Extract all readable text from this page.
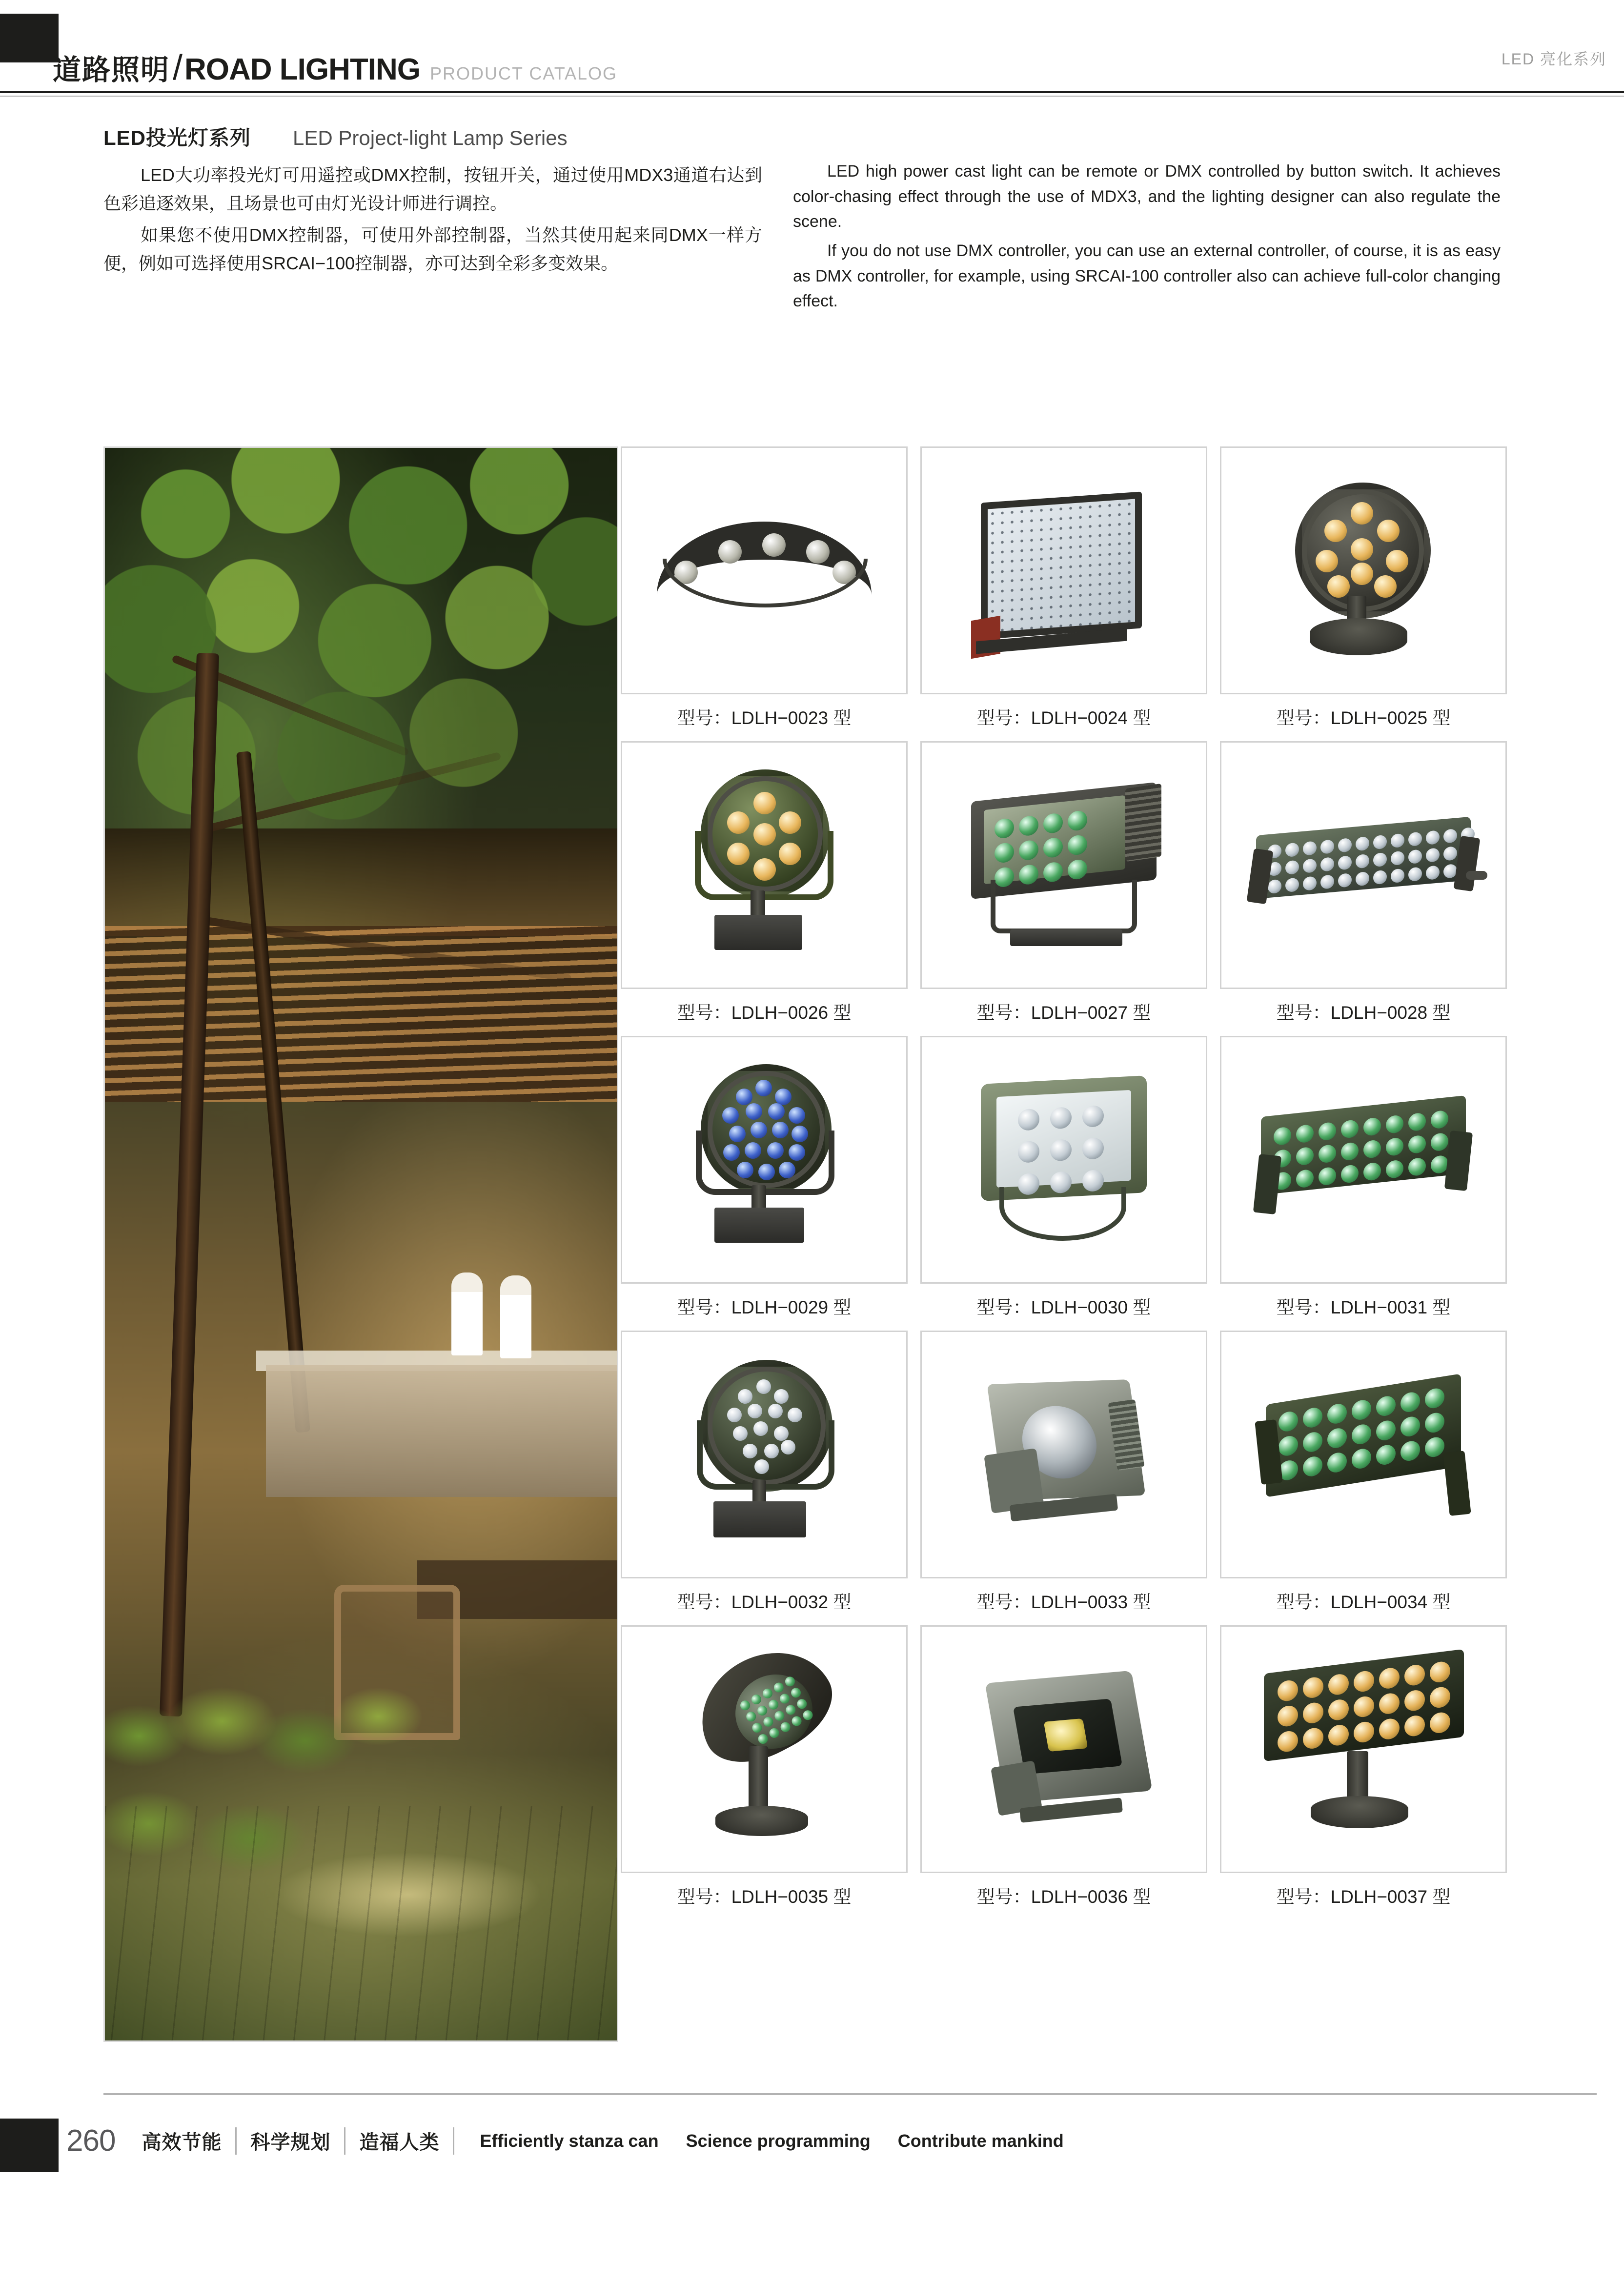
道路照明 / ROAD LIGHTING PRODUCT CATALOG
LED 亮化系列
LED投光灯系列 LED Project-light Lamp Series

LED大功率投光灯可用遥控或DMX控制，按钮开关，通过使用MDX3通道右达到色彩追逐效果，且场景也可由灯光设计师进行调控。

如果您不使用DMX控制器，可使用外部控制器，当然其使用起来同DMX一样方便，例如可选择使用SRCAI−100控制器，亦可达到全彩多变效果。

LED high power cast light can be remote or DMX controlled by button switch. It achieves color-chasing effect through the use of MDX3, and the lighting designer can also regulate the scene.

If you do not use DMX controller, you can use an external controller, of course, it is as easy as DMX controller, for example, using SRCAI-100 controller also can achieve full-color changing effect.

型号：LDLH−0023 型	型号：LDLH−0024 型	型号：LDLH−0025 型
型号：LDLH−0026 型	型号：LDLH−0027 型	型号：LDLH−0028 型
型号：LDLH−0029 型	型号：LDLH−0030 型	型号：LDLH−0031 型
型号：LDLH−0032 型	型号：LDLH−0033 型	型号：LDLH−0034 型
型号：LDLH−0035 型	型号：LDLH−0036 型	型号：LDLH−0037 型
260	高效节能	科学规划	造福人类	Efficiently stanza can Science programming Contribute mankind
